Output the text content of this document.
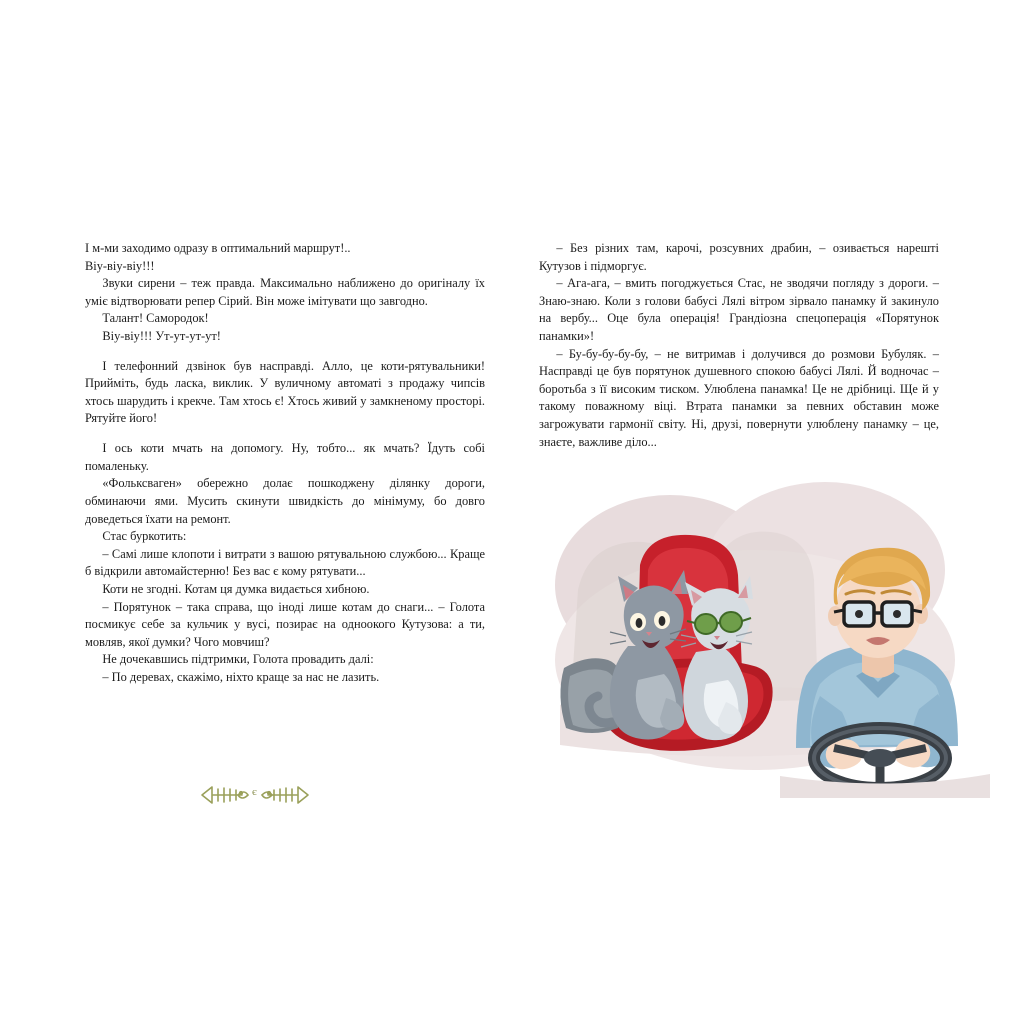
І м-ми заходимо одразу в оптимальний маршрут!..

Віу-віу-віу!!!

Звуки сирени – теж правда. Максимально наближено до оригіналу їх уміє відтворювати репер Сірий. Він може імітувати що завгодно.

Талант! Самородок!

Віу-віу!!! Ут-ут-ут-ут!

І телефонний дзвінок був насправді. Алло, це коти-рятувальники! Прийміть, будь ласка, виклик. У вуличному автоматі з продажу чипсів хтось шарудить і крекче. Там хтось є! Хтось живий у замкненому просторі. Рятуйте його!

І ось коти мчать на допомогу. Ну, тобто... як мчать? Їдуть собі помаленьку.

«Фольксваген» обережно долає пошкоджену ділянку дороги, обминаючи ями. Мусить скинути швидкість до мінімуму, бо довго доведеться їхати на ремонт.

Стас буркотить:

– Самі лише клопоти і витрати з вашою рятувальною службою... Краще б відкрили автомайстерню! Без вас є кому рятувати...

Коти не згодні. Котам ця думка видається хибною.

– Порятунок – така справа, що іноді лише котам до снаги... – Голота посмикує себе за кульчик у вусі, позирає на одноокого Кутузова: а ти, мовляв, якої думки? Чого мовчиш?

Не дочекавшись підтримки, Голота провадить далі:

– По деревах, скажімо, ніхто краще за нас не лазить.

є

– Без різних там, карочі, розсувних драбин, – озивається нарешті Кутузов і підморгує.

– Ага-ага, – вмить погоджується Стас, не зводячи погляду з дороги. – Знаю-знаю. Коли з голови бабусі Лялі вітром зірвало панамку й закинуло на вербу... Оце була операція! Грандіозна спецоперація «Порятунок панамки»!

– Бу-бу-бу-бу-бу, – не витримав і долучився до розмови Бубуляк. – Насправді це був порятунок душевного спокою бабусі Лялі. Й водночас – боротьба з її високим тиском. Улюблена панамка! Це не дрібниці. Ще й у такому поважному віці. Втрата панамки за певних обставин може загрожувати гармонії світу. Ні, друзі, повернути улюблену панамку – це, знаєте, важливе діло...
